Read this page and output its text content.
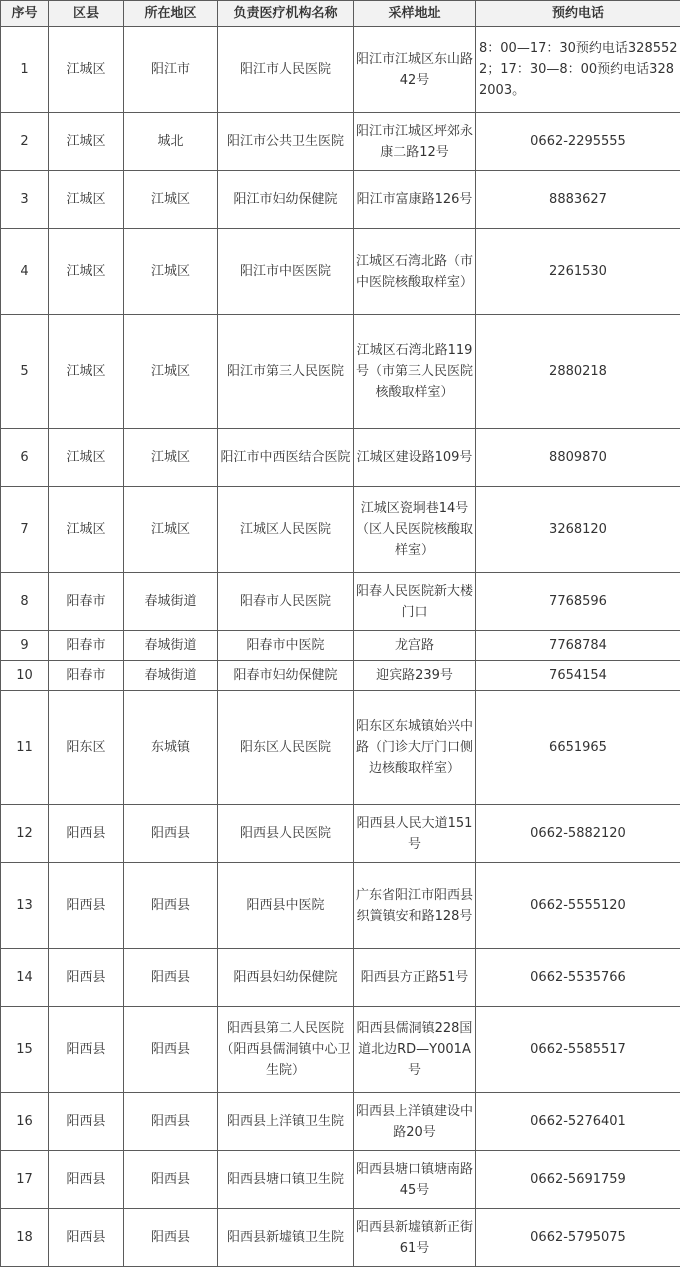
序号	区县	所在地区	负责医疗机构名称	采样地址	预约电话
1	江城区	阳江市	阳江市人民医院	阳江市江城区东山路42号	8：00—17：30预约电话3285522；17：30—8：00预约电话3282003。
2	江城区	城北	阳江市公共卫生医院	阳江市江城区坪郊永康二路12号	0662-2295555
3	江城区	江城区	阳江市妇幼保健院	阳江市富康路126号	8883627
4	江城区	江城区	阳江市中医医院	江城区石湾北路（市中医院核酸取样室）	2261530
5	江城区	江城区	阳江市第三人民医院	江城区石湾北路119号（市第三人民医院核酸取样室）	2880218
6	江城区	江城区	阳江市中西医结合医院	江城区建设路109号	8809870
7	江城区	江城区	江城区人民医院	江城区瓷垌巷14号（区人民医院核酸取样室）	3268120
8	阳春市	春城街道	阳春市人民医院	阳春人民医院新大楼门口	7768596
9	阳春市	春城街道	阳春市中医院	龙宫路	7768784
10	阳春市	春城街道	阳春市妇幼保健院	迎宾路239号	7654154
11	阳东区	东城镇	阳东区人民医院	阳东区东城镇始兴中路（门诊大厅门口侧边核酸取样室）	6651965
12	阳西县	阳西县	阳西县人民医院	阳西县人民大道151号	0662-5882120
13	阳西县	阳西县	阳西县中医院	广东省阳江市阳西县织篢镇安和路128号	0662-5555120
14	阳西县	阳西县	阳西县妇幼保健院	阳西县方正路51号	0662-5535766
15	阳西县	阳西县	阳西县第二人民医院（阳西县儒洞镇中心卫生院）	阳西县儒洞镇228国道北边RD—Y001A号	0662-5585517
16	阳西县	阳西县	阳西县上洋镇卫生院	阳西县上洋镇建设中路20号	0662-5276401
17	阳西县	阳西县	阳西县塘口镇卫生院	阳西县塘口镇塘南路45号	0662-5691759
18	阳西县	阳西县	阳西县新墟镇卫生院	阳西县新墟镇新正街61号	0662-5795075
